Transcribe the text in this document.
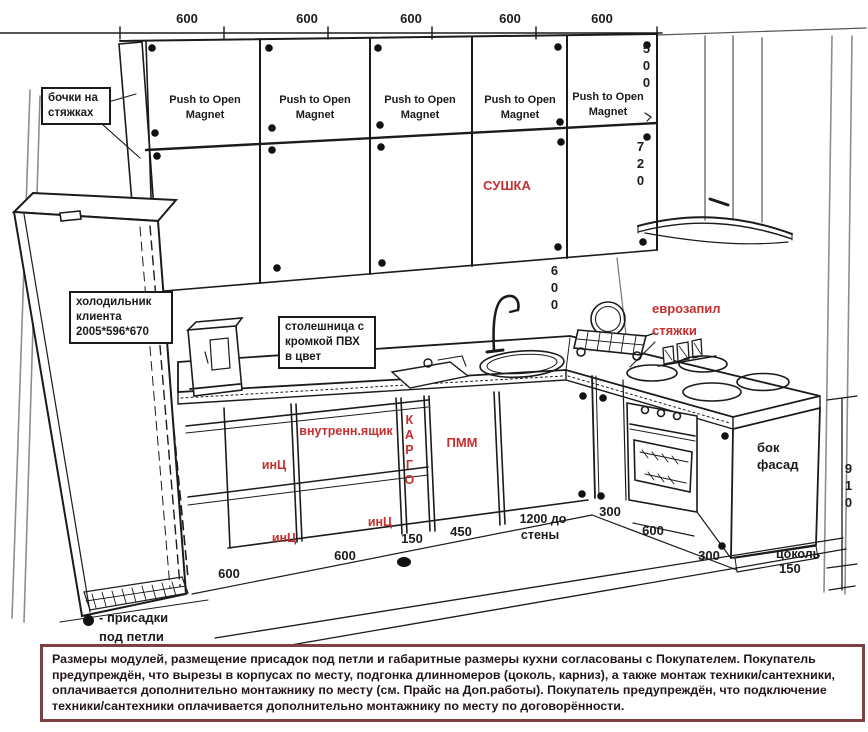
600	600	600	600	600
Push to Open Magnet
Push to Open Magnet
Push to Open Magnet
Push to Open Magnet
Push to Open Magnet
500
720
600
910
СУШКА
еврозапил
стяжки
внутренн.ящик КАРГО ПММ
инЦ
инЦ
инЦ
бок
фасад
цоколь
150
600
600
150 450
1200 до
стены
300
600
300
бочки на
стяжках
холодильник
клиента
2005*596*670	столешница с
кромкой ПВХ
в цвет
- присадки
под петли
Размеры модулей, размещение присадок под петли и габаритные размеры кухни согласованы с Покупателем. Покупатель предупреждён, что вырезы в корпусах по месту, подгонка длинномеров (цоколь, карниз), а также монтаж техники/сантехники, оплачивается дополнительно монтажнику по месту (см. Прайс на Доп.работы). Покупатель предупреждён, что подключение техники/сантехники оплачивается дополнительно монтажнику по месту по договорённости.
